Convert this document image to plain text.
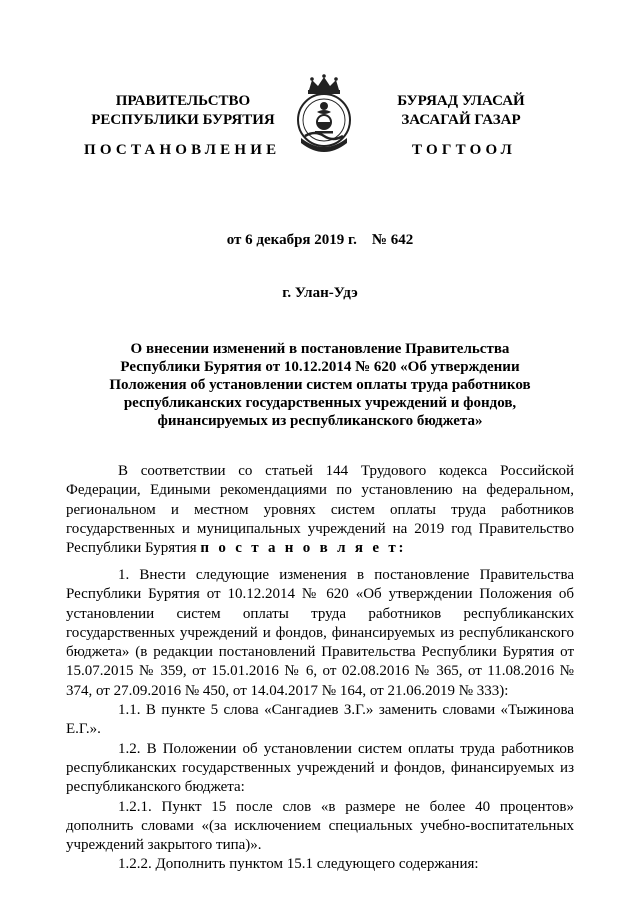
ПРАВИТЕЛЬСТВО
РЕСПУБЛИКИ БУРЯТИЯ
БУРЯАД УЛАСАЙ
ЗАСАГАЙ ГАЗАР
ПОСТАНОВЛЕНИЕ	ТОГТООЛ
от 6 декабря 2019 г.    № 642
г. Улан-Удэ
О внесении изменений в постановление Правительства
Республики Бурятия от 10.12.2014 № 620 «Об утверждении
Положения об установлении систем оплаты труда работников
республиканских государственных учреждений и фондов,
финансируемых из республиканского бюджета»

В соответствии со статьей 144 Трудового кодекса Российской Федерации, Едиными рекомендациями по установлению на федеральном, региональном и местном уровнях систем оплаты труда работников государственных и муниципальных учреждений на 2019 год Правительство Республики Бурятия п о с т а н о в л я е т:

1. Внести следующие изменения в постановление Правительства Республики Бурятия от 10.12.2014 № 620 «Об утверждении Положения об установлении систем оплаты труда работников республиканских государственных учреждений и фондов, финансируемых из республиканского бюджета» (в редакции постановлений Правительства Республики Бурятия от 15.07.2015 № 359, от 15.01.2016 № 6, от 02.08.2016 № 365, от 11.08.2016 № 374, от 27.09.2016 № 450, от 14.04.2017 № 164, от 21.06.2019 № 333):

1.1. В пункте 5 слова «Сангадиев З.Г.» заменить словами «Тыжинова Е.Г.».

1.2. В Положении об установлении систем оплаты труда работников республиканских государственных учреждений и фондов, финансируемых из республиканского бюджета:

1.2.1. Пункт 15 после слов «в размере не более 40 процентов» дополнить словами «(за исключением специальных учебно-воспитательных учреждений закрытого типа)».

1.2.2. Дополнить пунктом 15.1 следующего содержания:
